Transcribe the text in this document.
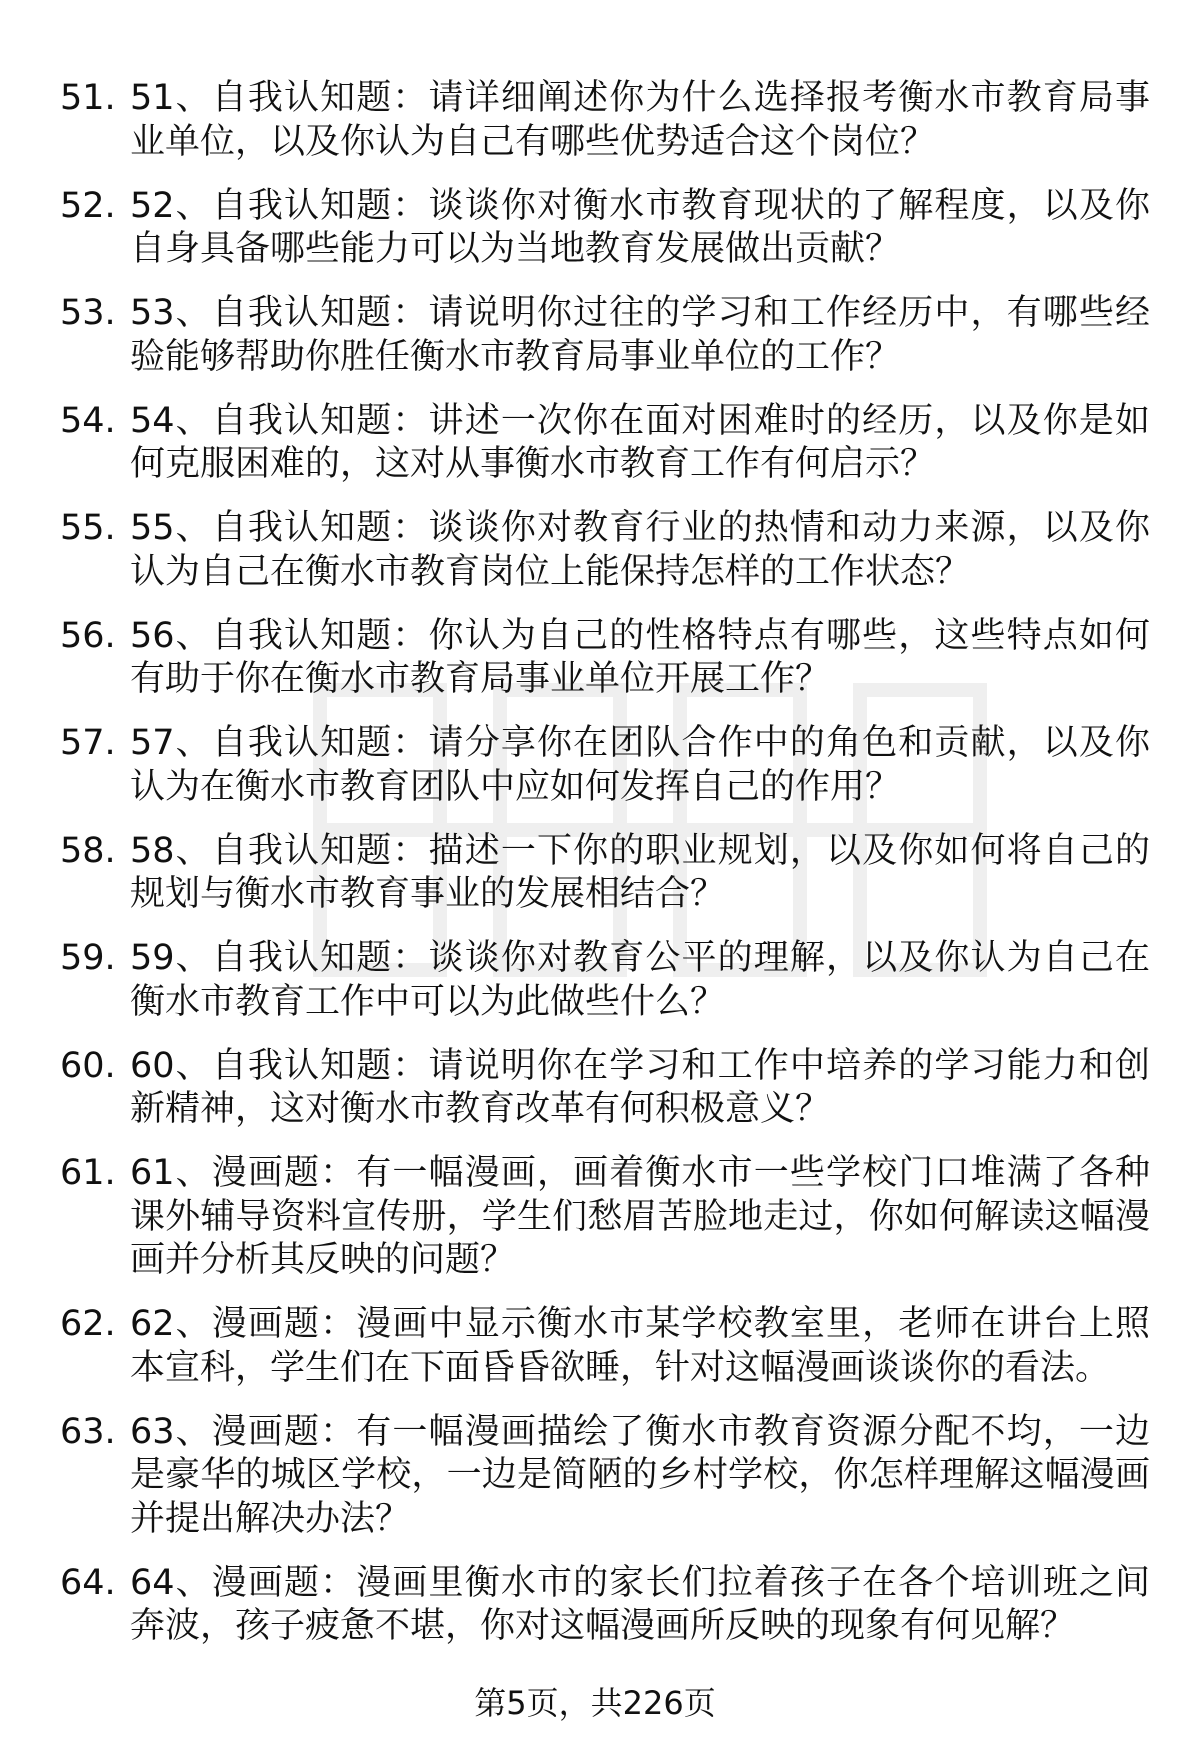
51. 51、自我认知题：请详细阐述你为什么选择报考衡水市教育局事业单位，以及你认为自己有哪些优势适合这个岗位？
52. 52、自我认知题：谈谈你对衡水市教育现状的了解程度，以及你自身具备哪些能力可以为当地教育发展做出贡献？
53. 53、自我认知题：请说明你过往的学习和工作经历中，有哪些经验能够帮助你胜任衡水市教育局事业单位的工作？
54. 54、自我认知题：讲述一次你在面对困难时的经历，以及你是如何克服困难的，这对从事衡水市教育工作有何启示？
55. 55、自我认知题：谈谈你对教育行业的热情和动力来源，以及你认为自己在衡水市教育岗位上能保持怎样的工作状态？
56. 56、自我认知题：你认为自己的性格特点有哪些，这些特点如何有助于你在衡水市教育局事业单位开展工作？
57. 57、自我认知题：请分享你在团队合作中的角色和贡献，以及你认为在衡水市教育团队中应如何发挥自己的作用？
58. 58、自我认知题：描述一下你的职业规划，以及你如何将自己的规划与衡水市教育事业的发展相结合？
59. 59、自我认知题：谈谈你对教育公平的理解，以及你认为自己在衡水市教育工作中可以为此做些什么？
60. 60、自我认知题：请说明你在学习和工作中培养的学习能力和创新精神，这对衡水市教育改革有何积极意义？
61. 61、漫画题：有一幅漫画，画着衡水市一些学校门口堆满了各种课外辅导资料宣传册，学生们愁眉苦脸地走过，你如何解读这幅漫画并分析其反映的问题？
62. 62、漫画题：漫画中显示衡水市某学校教室里，老师在讲台上照本宣科，学生们在下面昏昏欲睡，针对这幅漫画谈谈你的看法。
63. 63、漫画题：有一幅漫画描绘了衡水市教育资源分配不均，一边是豪华的城区学校，一边是简陋的乡村学校，你怎样理解这幅漫画并提出解决办法？
64. 64、漫画题：漫画里衡水市的家长们拉着孩子在各个培训班之间奔波，孩子疲惫不堪，你对这幅漫画所反映的现象有何见解？
第5页，共226页
